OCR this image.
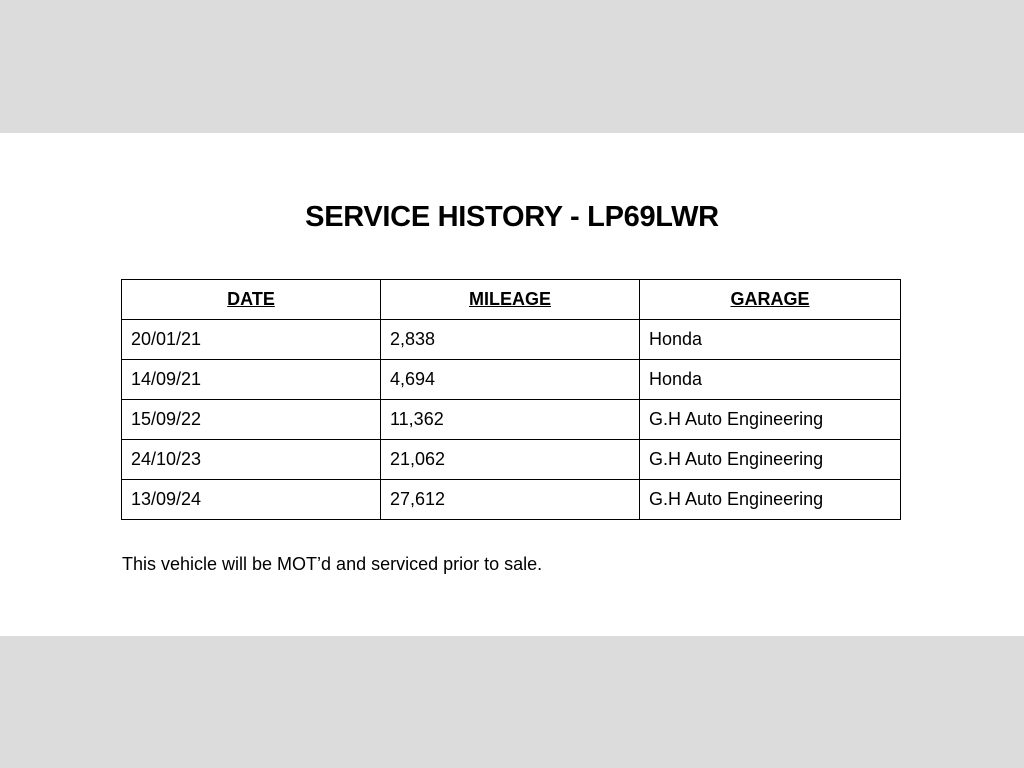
SERVICE HISTORY - LP69LWR
DATE	MILEAGE	GARAGE
20/01/21	2,838	Honda
14/09/21	4,694	Honda
15/09/22	11,362	G.H Auto Engineering
24/10/23	21,062	G.H Auto Engineering
13/09/24	27,612	G.H Auto Engineering

This vehicle will be MOT’d and serviced prior to sale.
